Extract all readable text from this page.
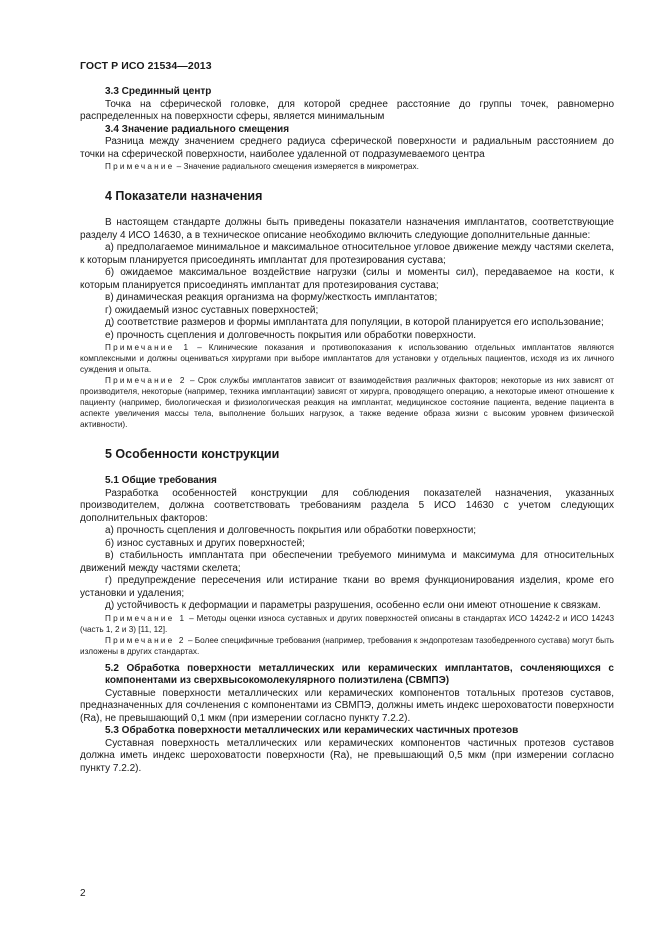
ГОСТ Р ИСО 21534—2013
3.3 Срединный центр
Точка на сферической головке, для которой среднее расстояние до группы точек, равномерно распределенных на поверхности сферы, является минимальным
3.4 Значение радиального смещения
Разница между значением среднего радиуса сферической поверхности и радиальным расстоянием до точки на сферической поверхности, наиболее удаленной от подразумеваемого центра
Примечание – Значение радиального смещения измеряется в микрометрах.
4 Показатели назначения
В настоящем стандарте должны быть приведены показатели назначения имплантатов, соответствующие разделу 4 ИСО 14630, а в техническое описание необходимо включить следующие дополнительные данные:
а) предполагаемое минимальное и максимальное относительное угловое движение между частями скелета, к которым планируется присоединять имплантат для протезирования сустава;
б) ожидаемое максимальное воздействие нагрузки (силы и моменты сил), передаваемое на кости, к которым планируется присоединять имплантат для протезирования сустава;
в) динамическая реакция организма на форму/жесткость имплантатов;
г) ожидаемый износ суставных поверхностей;
д) соответствие размеров и формы имплантата для популяции, в которой планируется его использование;
е) прочность сцепления и долговечность покрытия или обработки поверхности.
Примечание 1 – Клинические показания и противопоказания к использованию отдельных имплантатов являются комплексными и должны оцениваться хирургами при выборе имплантатов для установки у отдельных пациентов, исходя из их личного суждения и опыта.
Примечание 2 – Срок службы имплантатов зависит от взаимодействия различных факторов; некоторые из них зависят от производителя, некоторые (например, техника имплантации) зависят от хирурга, проводящего операцию, а некоторые имеют отношение к пациенту (например, биологическая и физиологическая реакция на имплантат, медицинское состояние пациента, ведение пациента в аспекте увеличения массы тела, выполнение больших нагрузок, а также ведение образа жизни с высоким уровнем физической активности).
5 Особенности конструкции
5.1 Общие требования
Разработка особенностей конструкции для соблюдения показателей назначения, указанных производителем, должна соответствовать требованиям раздела 5 ИСО 14630 с учетом следующих дополнительных факторов:
а) прочность сцепления и долговечность покрытия или обработки поверхности;
б) износ суставных и других поверхностей;
в) стабильность имплантата при обеспечении требуемого минимума и максимума для относительных движений между частями скелета;
г) предупреждение пересечения или истирание ткани во время функционирования изделия, кроме его установки и удаления;
д) устойчивость к деформации и параметры разрушения, особенно если они имеют отношение к связкам.
Примечание 1 – Методы оценки износа суставных и других поверхностей описаны в стандартах ИСО 14242-2 и ИСО 14243 (часть 1, 2 и 3) [11, 12].
Примечание 2 – Более специфичные требования (например, требования к эндопротезам тазобедренного сустава) могут быть изложены в других стандартах.
5.2 Обработка поверхности металлических или керамических имплантатов, сочленяющихся с компонентами из сверхвысокомолекулярного полиэтилена (СВМПЭ)
Суставные поверхности металлических или керамических компонентов тотальных протезов суставов, предназначенных для сочленения с компонентами из СВМПЭ, должны иметь индекс шероховатости поверхности (Ra), не превышающий 0,1 мкм (при измерении согласно пункту 7.2.2).
5.3 Обработка поверхности металлических или керамических частичных протезов
Суставная поверхность металлических или керамических компонентов частичных протезов суставов должна иметь индекс шероховатости поверхности (Ra), не превышающий 0,5 мкм (при измерении согласно пункту 7.2.2).
2
